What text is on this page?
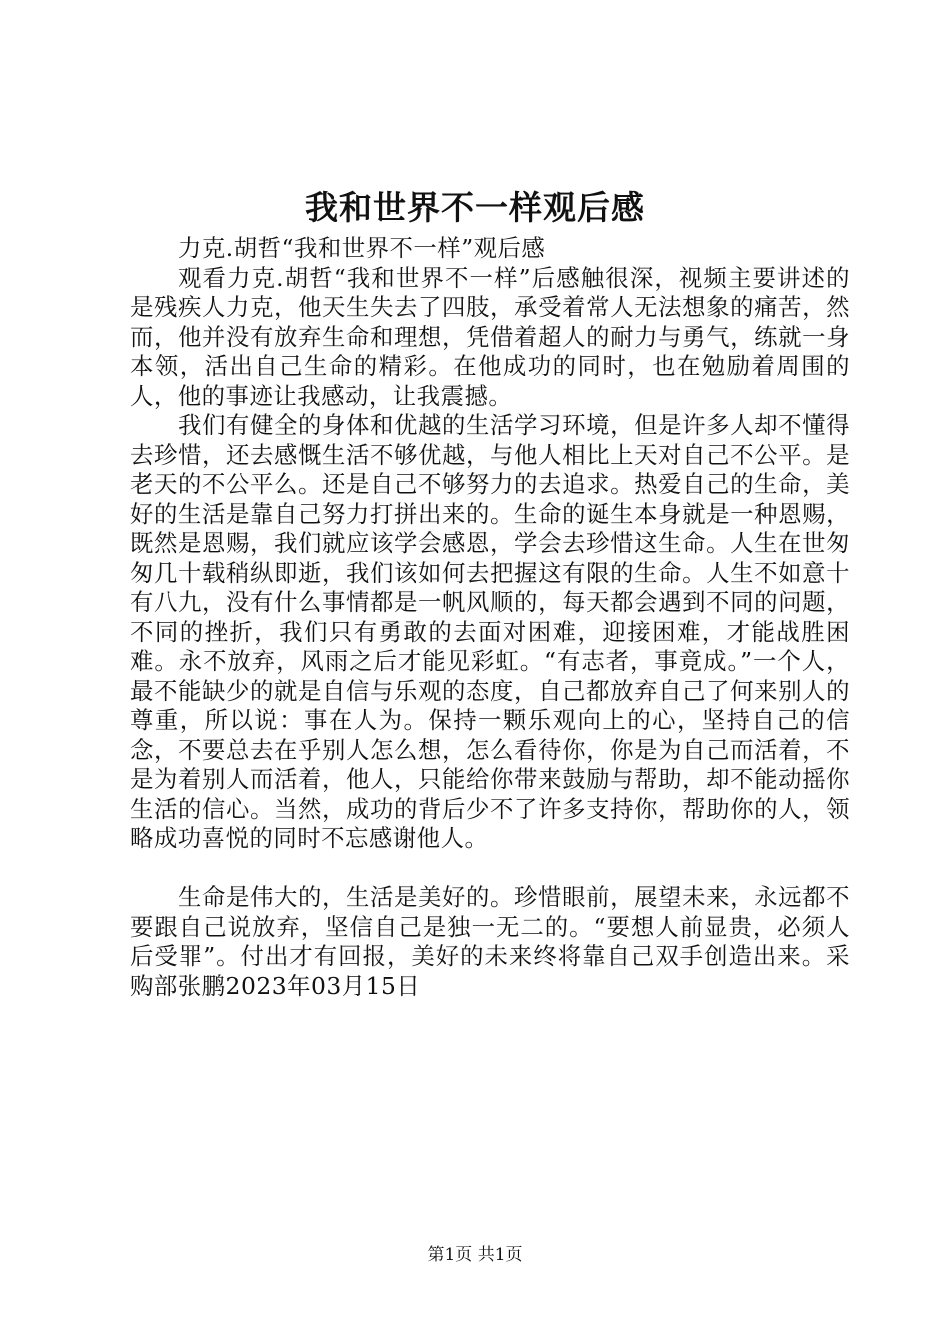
我和世界不一样观后感

力克.胡哲“我和世界不一样”观后感

观看力克.胡哲“我和世界不一样”后感触很深，视频主要讲述的是残疾人力克，他天生失去了四肢，承受着常人无法想象的痛苦，然而，他并没有放弃生命和理想，凭借着超人的耐力与勇气，练就一身本领，活出自己生命的精彩。在他成功的同时，也在勉励着周围的人，他的事迹让我感动，让我震撼。

我们有健全的身体和优越的生活学习环境，但是许多人却不懂得去珍惜，还去感慨生活不够优越，与他人相比上天对自己不公平。是老天的不公平么。还是自己不够努力的去追求。热爱自己的生命，美好的生活是靠自己努力打拼出来的。生命的诞生本身就是一种恩赐，既然是恩赐，我们就应该学会感恩，学会去珍惜这生命。人生在世匆匆几十载稍纵即逝，我们该如何去把握这有限的生命。人生不如意十有八九，没有什么事情都是一帆风顺的，每天都会遇到不同的问题，不同的挫折，我们只有勇敢的去面对困难，迎接困难，才能战胜困难。永不放弃，风雨之后才能见彩虹。“有志者，事竟成。”一个人，最不能缺少的就是自信与乐观的态度，自己都放弃自己了何来别人的尊重，所以说：事在人为。保持一颗乐观向上的心，坚持自己的信念，不要总去在乎别人怎么想，怎么看待你，你是为自己而活着，不是为着别人而活着，他人，只能给你带来鼓励与帮助，却不能动摇你生活的信心。当然，成功的背后少不了许多支持你，帮助你的人，领略成功喜悦的同时不忘感谢他人。

生命是伟大的，生活是美好的。珍惜眼前，展望未来，永远都不要跟自己说放弃，坚信自己是独一无二的。“要想人前显贵，必须人后受罪”。付出才有回报，美好的未来终将靠自己双手创造出来。采购部张鹏2023年03月15日

第1页 共1页
